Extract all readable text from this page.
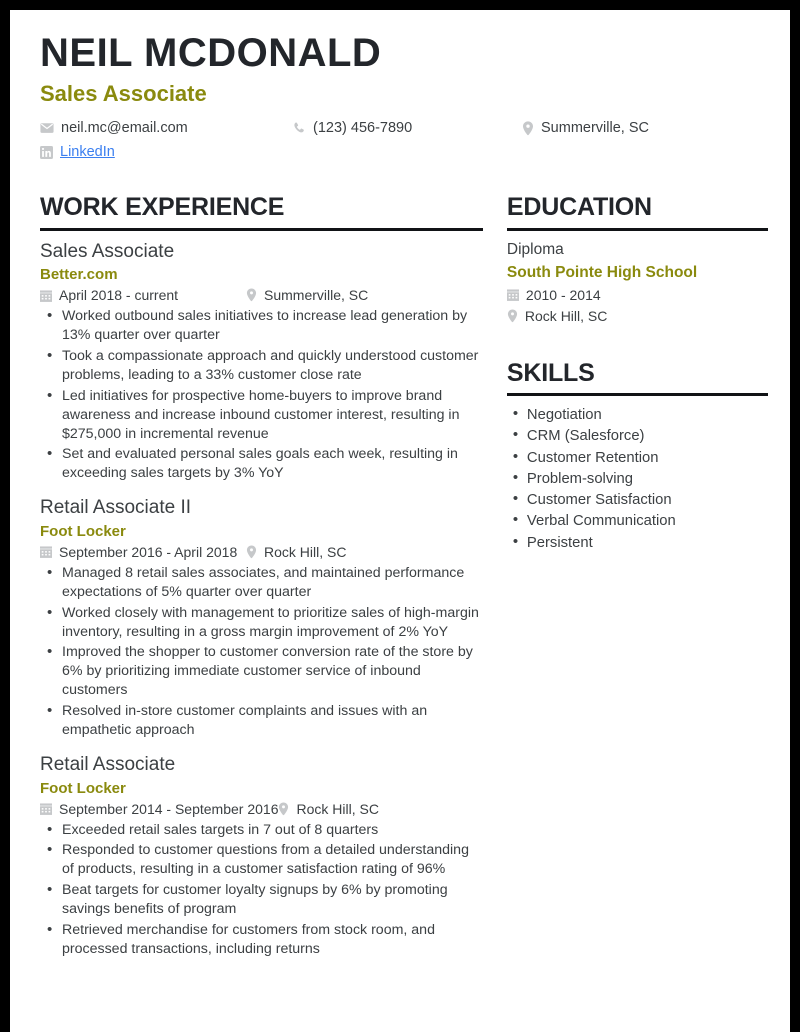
NEIL MCDONALD
Sales Associate
neil.mc@email.com	(123) 456-7890	Summerville, SC
LinkedIn
WORK EXPERIENCE
Sales Associate
Better.com
April 2018 - current	Summerville, SC
• Worked outbound sales initiatives to increase lead generation by 13% quarter over quarter
• Took a compassionate approach and quickly understood customer problems, leading to a 33% customer close rate
• Led initiatives for prospective home-buyers to improve brand awareness and increase inbound customer interest, resulting in $275,000 in incremental revenue
• Set and evaluated personal sales goals each week, resulting in exceeding sales targets by 3% YoY
Retail Associate II
Foot Locker
September 2016 - April 2018 Rock Hill, SC
• Managed 8 retail sales associates, and maintained performance expectations of 5% quarter over quarter
• Worked closely with management to prioritize sales of high-margin inventory, resulting in a gross margin improvement of 2% YoY
• Improved the shopper to customer conversion rate of the store by 6% by prioritizing immediate customer service of inbound customers
• Resolved in-store customer complaints and issues with an empathetic approach
Retail Associate
Foot Locker
September 2014 - September 2016 Rock Hill, SC
• Exceeded retail sales targets in 7 out of 8 quarters
• Responded to customer questions from a detailed understanding of products, resulting in a customer satisfaction rating of 96%
• Beat targets for customer loyalty signups by 6% by promoting savings benefits of program
• Retrieved merchandise for customers from stock room, and processed transactions, including returns
EDUCATION
Diploma
South Pointe High School
2010 - 2014
Rock Hill, SC
SKILLS
• Negotiation
• CRM (Salesforce)
• Customer Retention
• Problem-solving
• Customer Satisfaction
• Verbal Communication
• Persistent
